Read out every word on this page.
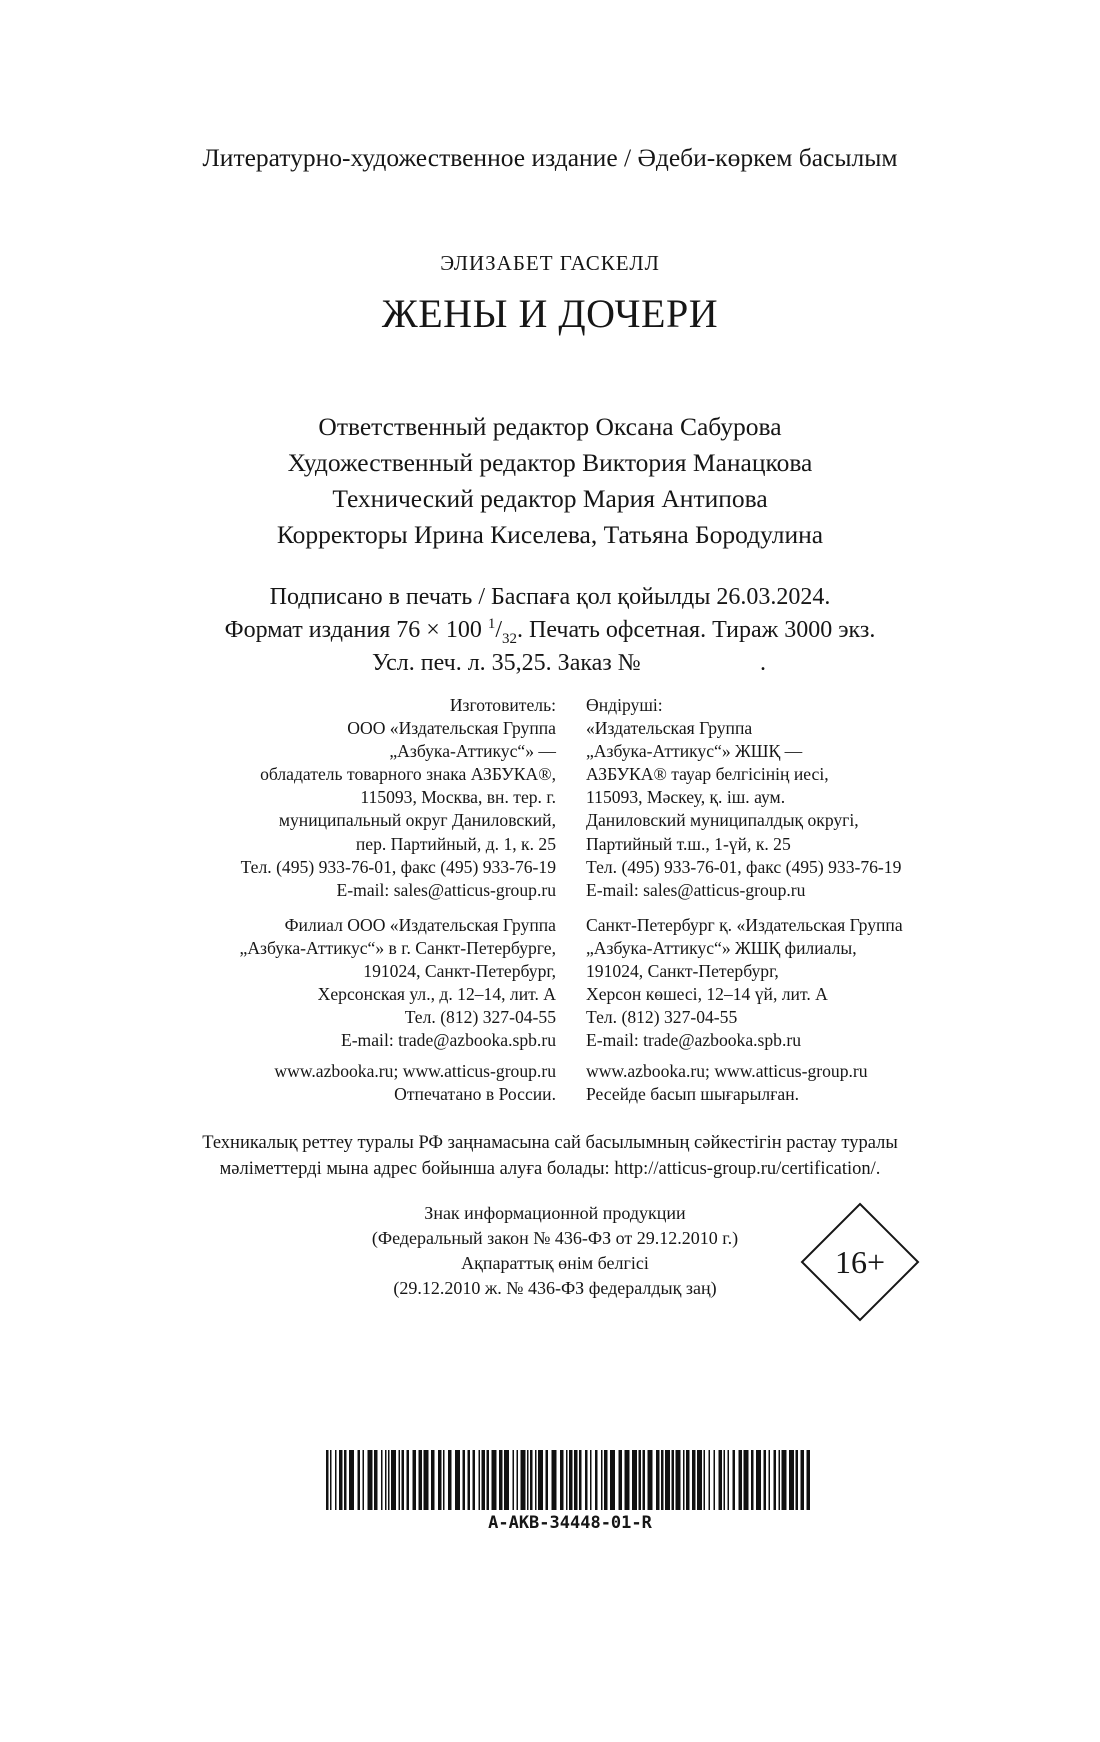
Литературно-художественное издание / Әдеби-көркем басылым
ЭЛИЗАБЕТ ГАСКЕЛЛ
ЖЕНЫ И ДОЧЕРИ
Ответственный редактор Оксана Сабурова
Художественный редактор Виктория Манацкова
Технический редактор Мария Антипова
Корректоры Ирина Киселева, Татьяна Бородулина
Подписано в печать / Баспаға қол қойылды 26.03.2024.
Формат издания 76 × 100 $^1/_{32}$. Печать офсетная. Тираж 3000 экз.
Усл. печ. л. 35,25. Заказ №	.
Изготовитель:
ООО «Издательская Группа
„Азбука-Аттикус“» —
обладатель товарного знака АЗБУКА®,
115093, Москва, вн. тер. г.
муниципальный округ Даниловский,
пер. Партийный, д. 1, к. 25
Тел. (495) 933-76-01, факс (495) 933-76-19
E-mail: sales@atticus-group.ru
Өндіруші:
«Издательская Группа
„Азбука-Аттикус“» ЖШҚ —
АЗБУКА® тауар белгісінің иесі,
115093, Мәскеу, қ. іш. аум.
Даниловский муниципалдық округі,
Партийный т.ш., 1-үй, к. 25
Тел. (495) 933-76-01, факс (495) 933-76-19
E-mail: sales@atticus-group.ru
Филиал ООО «Издательская Группа
„Азбука-Аттикус“» в г. Санкт-Петербурге,
191024, Санкт-Петербург,
Херсонская ул., д. 12–14, лит. А
Тел. (812) 327-04-55
E-mail: trade@azbooka.spb.ru
Санкт-Петербург қ. «Издательская Группа
„Азбука-Аттикус“» ЖШҚ филиалы,
191024, Санкт-Петербург,
Херсон көшесі, 12–14 үй, лит. А
Тел. (812) 327-04-55
E-mail: trade@azbooka.spb.ru
www.azbooka.ru; www.atticus-group.ru
Отпечатано в России.
www.azbooka.ru; www.atticus-group.ru
Ресейде басып шығарылған.
Техникалық реттеу туралы РФ заңнамасына сай басылымның сәйкестігін растау туралы
мәліметтерді мына адрес бойынша алуға болады: http://atticus-group.ru/certification/.
Знак информационной продукции
(Федеральный закон № 436-ФЗ от 29.12.2010 г.)
Ақпараттық өнім белгісі
(29.12.2010 ж. № 436-ФЗ федералдық заң)
16+
A-AKB-34448-01-R
